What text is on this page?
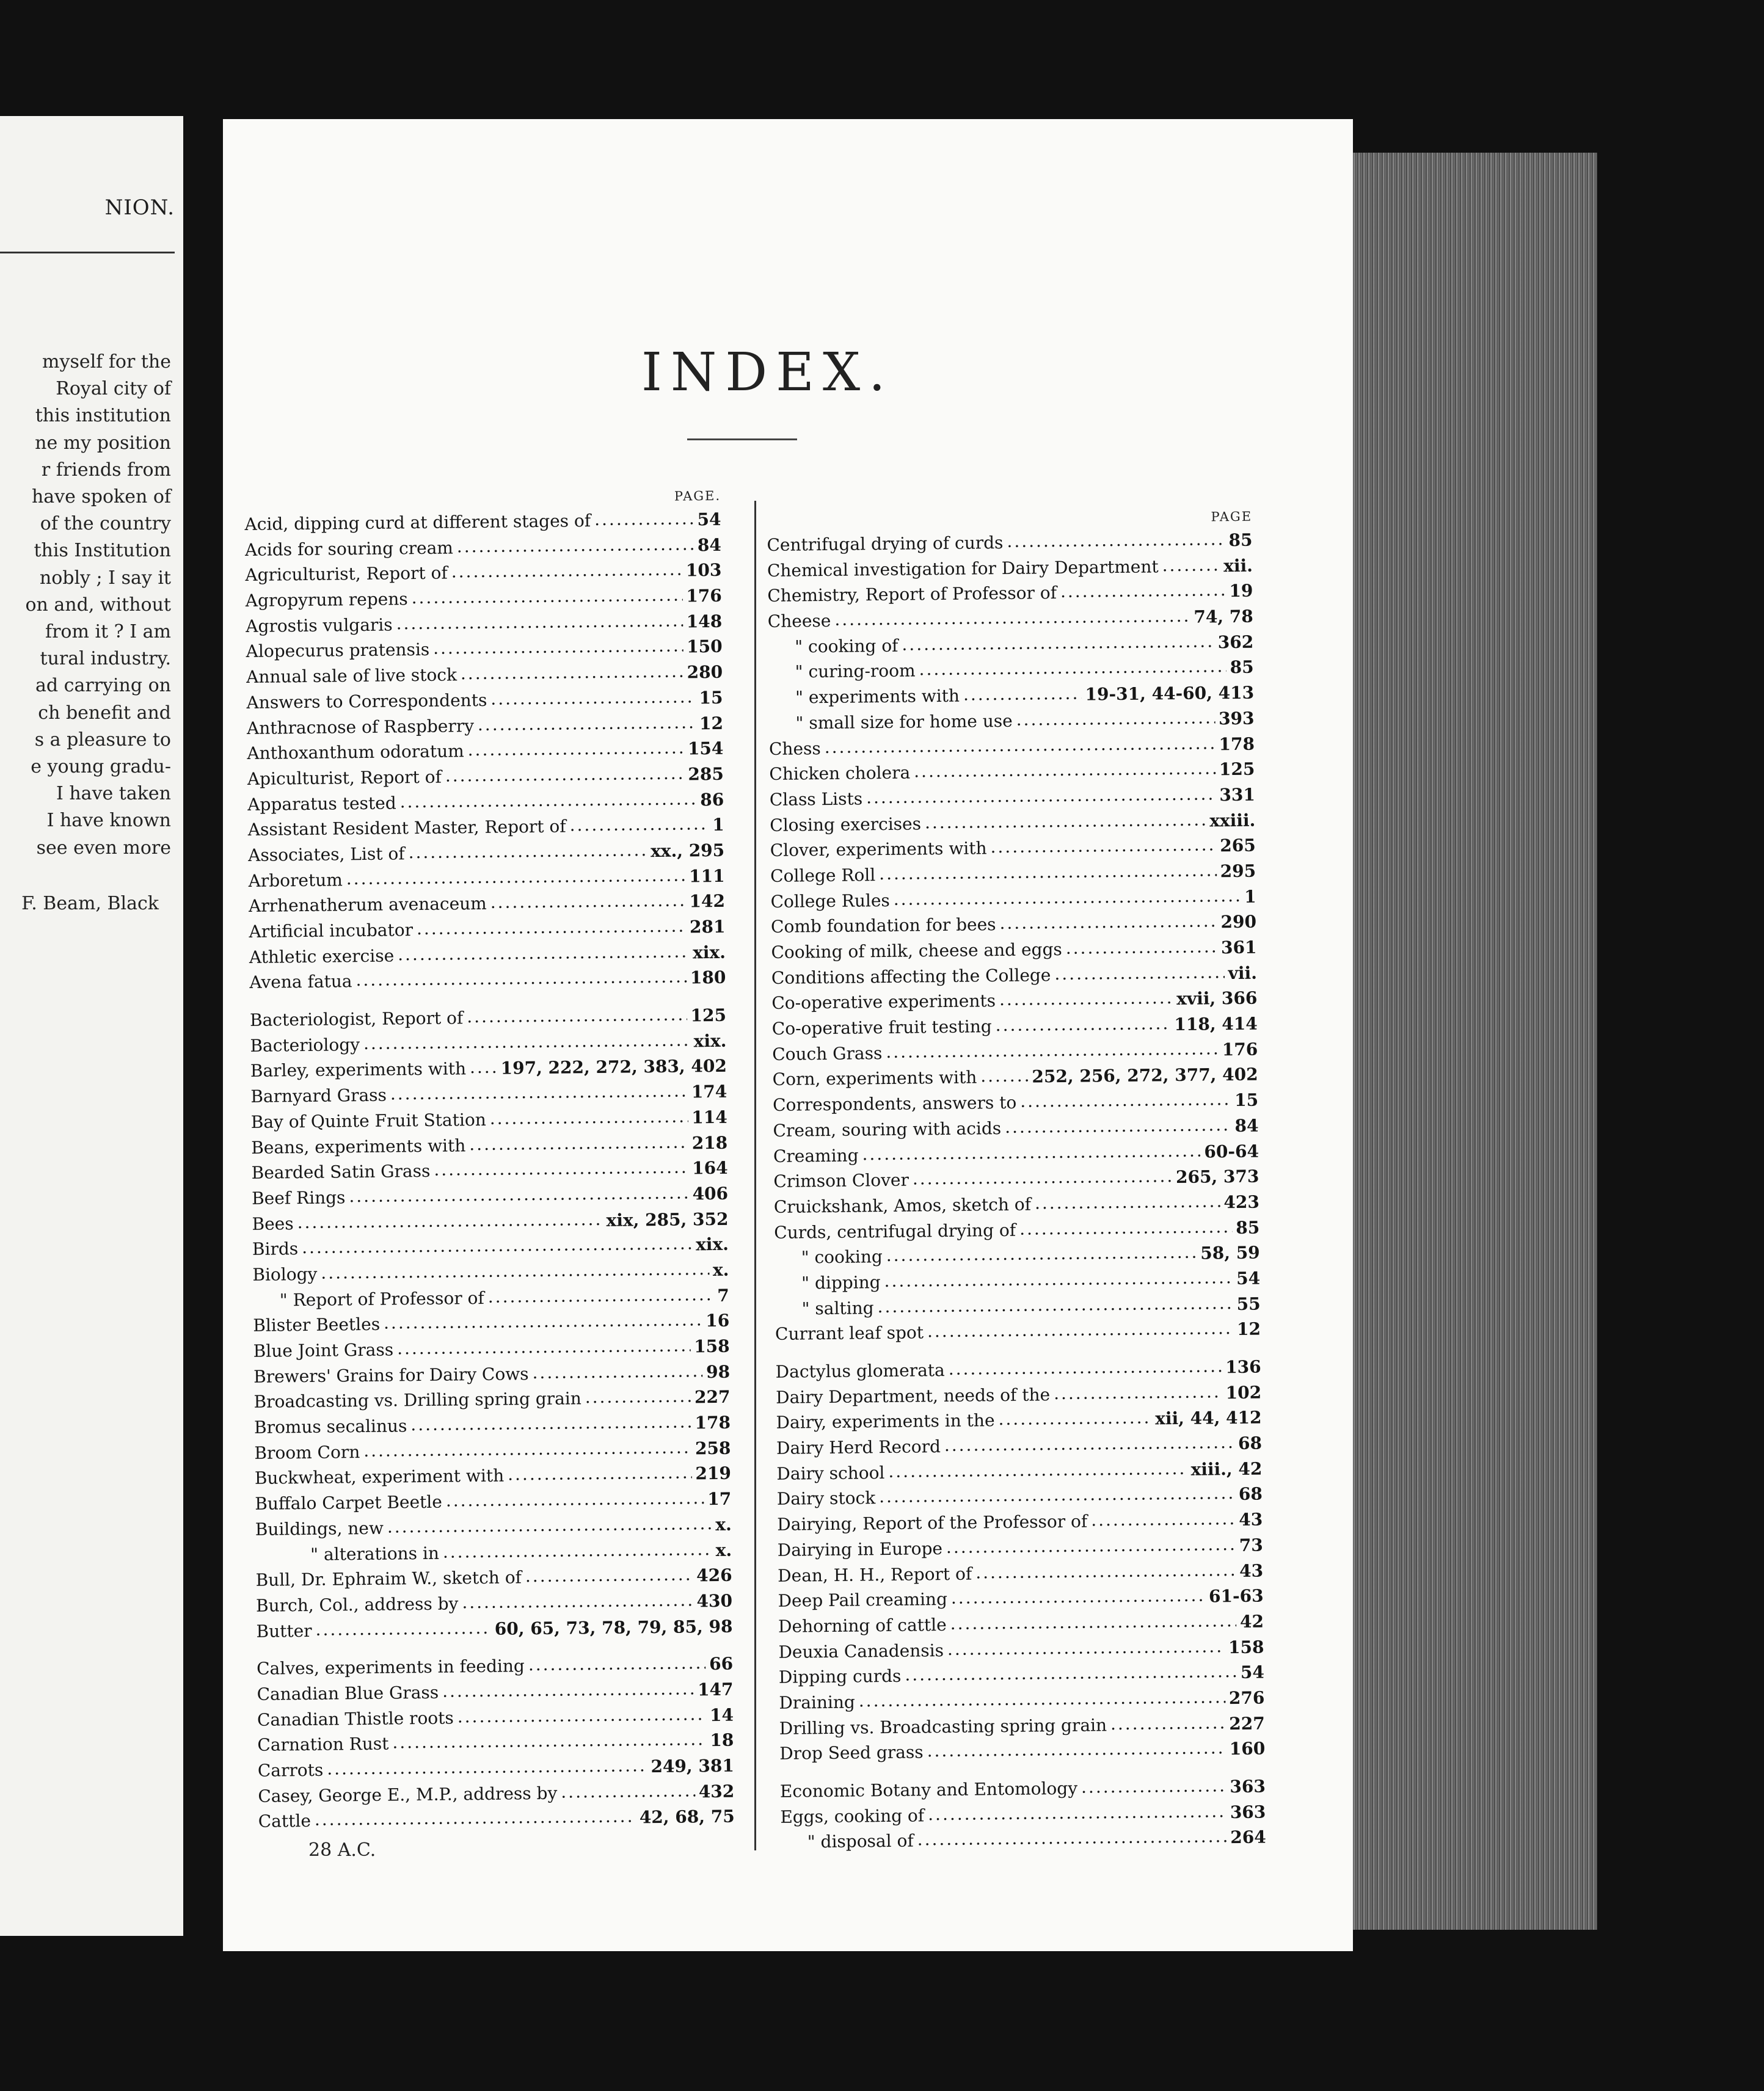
NION.
myself for the
Royal city of
this institution
ne my position
r friends from
have spoken of
of the country
this Institution
nobly ; I say it
on and, without
from it ? I am
tural industry.
ad carrying on
ch benefit and
s a pleasure to
e young gradu-
I have taken
I have known
see even more
F. Beam, Black
INDEX.
PAGE.
Acid, dipping curd at different stages of .....	54
Acids for souring cream .....	84
Agriculturist, Report of .....	103
Agropyrum repens .....	176
Agrostis vulgaris .....	148
Alopecurus pratensis .....	150
Annual sale of live stock .....	280
Answers to Correspondents .....	15
Anthracnose of Raspberry .....	12
Anthoxanthum odoratum .....	154
Apiculturist, Report of .....	285
Apparatus tested .....	86
Assistant Resident Master, Report of .....	1
Associates, List of .....	xx., 295
Arboretum .....	111
Arrhenatherum avenaceum .....	142
Artificial incubator .....	281
Athletic exercise .....	xix.
Avena fatua .....	180
Bacteriologist, Report of .....	125
Bacteriology .....	xix.
Barley, experiments with ..... 197, 222, 272, 383, 402
Barnyard Grass .....	174
Bay of Quinte Fruit Station .....	114
Beans, experiments with .....	218
Bearded Satin Grass .....	164
Beef Rings .....	406
Bees .....	xix, 285, 352
Birds .....	xix.
Biology .....	x.
" Report of Professor of .....	7
Blister Beetles .....	16
Blue Joint Grass .....	158
Brewers' Grains for Dairy Cows .....	98
Broadcasting vs. Drilling spring grain .....	227
Bromus secalinus .....	178
Broom Corn .....	258
Buckwheat, experiment with .....	219
Buffalo Carpet Beetle .....	17
Buildings, new .....	x.
" alterations in .....	x.
Bull, Dr. Ephraim W., sketch of .....	426
Burch, Col., address by .....	430
Butter .....	60, 65, 73, 78, 79, 85, 98
Calves, experiments in feeding .....	66
Canadian Blue Grass .....	147
Canadian Thistle roots .....	14
Carnation Rust .....	18
Carrots .....	249, 381
Casey, George E., M.P., address by .....	432
Cattle .....	42, 68, 75
PAGE
Centrifugal drying of curds .....	85
Chemical investigation for Dairy Department .....	xii.
Chemistry, Report of Professor of .....	19
Cheese .....	74, 78
" cooking of .....	362
" curing-room .....	85
" experiments with .....	19-31, 44-60, 413
" small size for home use .....	393
Chess .....	178
Chicken cholera .....	125
Class Lists .....	331
Closing exercises .....	xxiii.
Clover, experiments with .....	265
College Roll .....	295
College Rules .....	1
Comb foundation for bees .....	290
Cooking of milk, cheese and eggs .....	361
Conditions affecting the College .....	vii.
Co-operative experiments .....	xvii, 366
Co-operative fruit testing .....	118, 414
Couch Grass .....	176
Corn, experiments with .....	252, 256, 272, 377, 402
Correspondents, answers to .....	15
Cream, souring with acids .....	84
Creaming .....	60-64
Crimson Clover .....	265, 373
Cruickshank, Amos, sketch of .....	423
Curds, centrifugal drying of .....	85
" cooking .....	58, 59
" dipping .....	54
" salting .....	55
Currant leaf spot .....	12
Dactylus glomerata .....	136
Dairy Department, needs of the .....	102
Dairy, experiments in the .....	xii, 44, 412
Dairy Herd Record .....	68
Dairy school .....	xiii., 42
Dairy stock .....	68
Dairying, Report of the Professor of .....	43
Dairying in Europe .....	73
Dean, H. H., Report of .....	43
Deep Pail creaming .....	61-63
Dehorning of cattle .....	42
Deuxia Canadensis .....	158
Dipping curds .....	54
Draining .....	276
Drilling vs. Broadcasting spring grain .....	227
Drop Seed grass .....	160
Economic Botany and Entomology .....	363
Eggs, cooking of .....	363
" disposal of .....	264
28 A.C.
